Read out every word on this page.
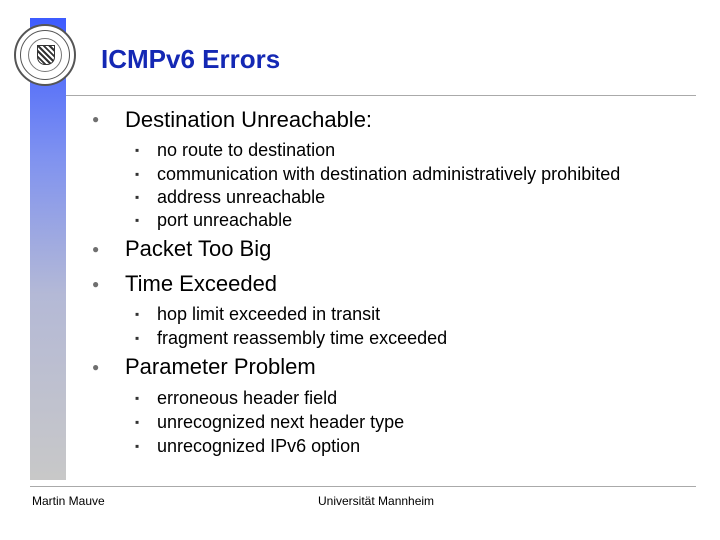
ICMPv6 Errors
● Destination Unreachable:
▪ no route to destination
▪ communication with destination administratively prohibited
▪ address unreachable
▪ port unreachable
● Packet Too Big
● Time Exceeded
▪ hop limit exceeded in transit
▪ fragment reassembly time exceeded
● Parameter Problem
▪ erroneous header field
▪ unrecognized next header type
▪ unrecognized IPv6 option
Martin Mauve	Universität Mannheim
